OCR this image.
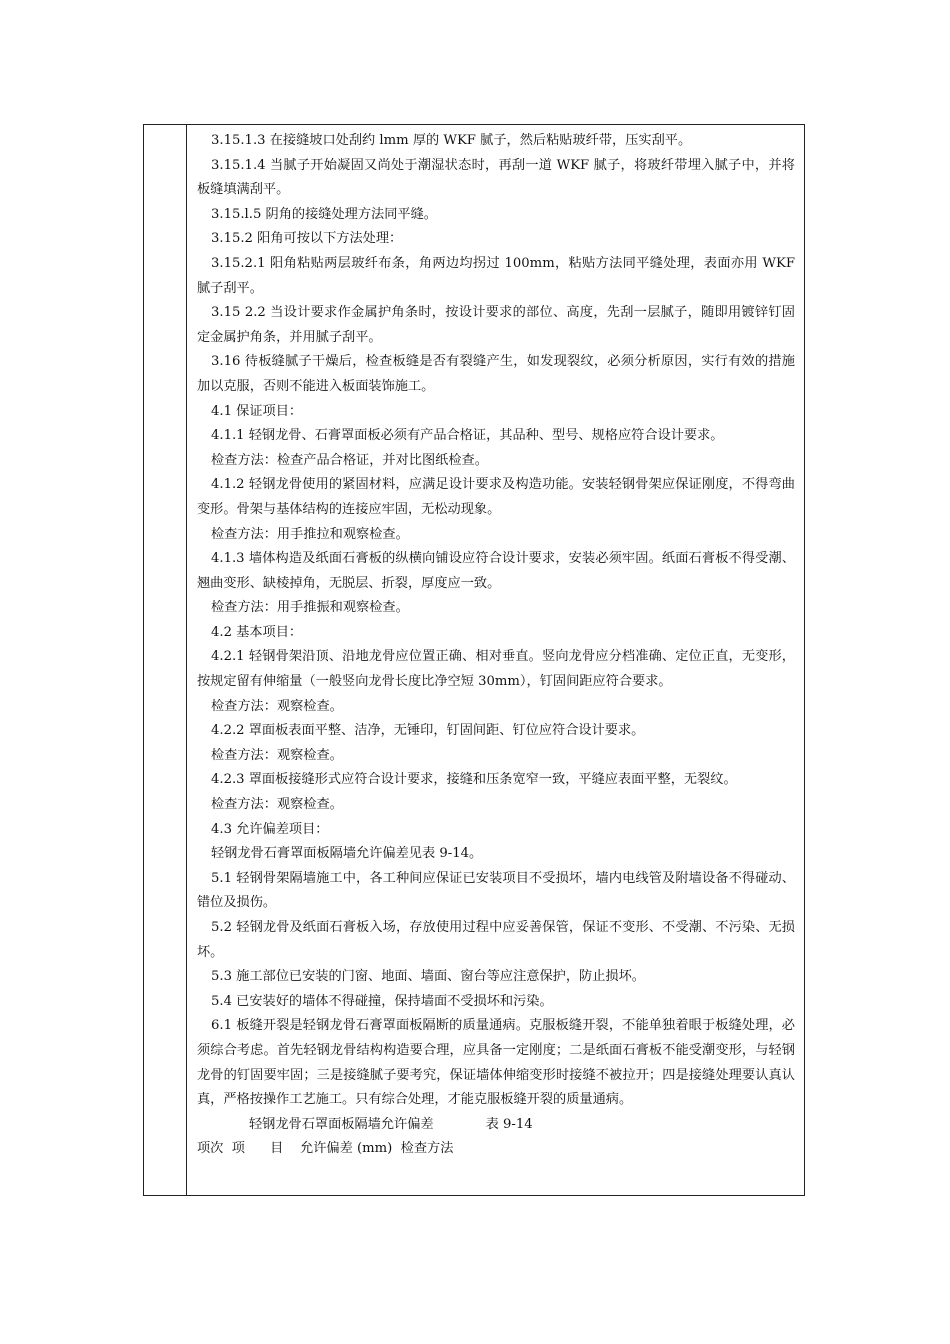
3.15.1.3 在接缝坡口处刮约 lmm 厚的 WKF 腻子，然后粘贴玻纤带，压实刮平。

3.15.1.4 当腻子开始凝固又尚处于潮湿状态时，再刮一道 WKF 腻子，将玻纤带埋入腻子中，并将板缝填满刮平。

3.15.l.5 阴角的接缝处理方法同平缝。

3.15.2 阳角可按以下方法处理：

3.15.2.1 阳角粘贴两层玻纤布条，角两边均拐过 100mm，粘贴方法同平缝处理，表面亦用 WKF 腻子刮平。

3.15 2.2 当设计要求作金属护角条时，按设计要求的部位、高度，先刮一层腻子，随即用镀锌钉固定金属护角条，并用腻子刮平。

3.16 待板缝腻子干燥后，检查板缝是否有裂缝产生，如发现裂纹，必须分析原因，实行有效的措施加以克服，否则不能进入板面装饰施工。

4.1 保证项目：

4.1.1 轻钢龙骨、石膏罩面板必须有产品合格证，其品种、型号、规格应符合设计要求。

检查方法：检查产品合格证，并对比图纸检查。

4.1.2 轻钢龙骨使用的紧固材料，应满足设计要求及构造功能。安装轻钢骨架应保证刚度，不得弯曲变形。骨架与基体结构的连接应牢固，无松动现象。

检查方法：用手推拉和观察检查。

4.1.3 墙体构造及纸面石膏板的纵横向铺设应符合设计要求，安装必须牢固。纸面石膏板不得受潮、翘曲变形、缺棱掉角，无脱层、折裂，厚度应一致。

检查方法：用手推振和观察检查。

4.2 基本项目：

4.2.1 轻钢骨架沿顶、沿地龙骨应位置正确、相对垂直。竖向龙骨应分档准确、定位正直，无变形，按规定留有伸缩量（一般竖向龙骨长度比净空短 30mm），钉固间距应符合要求。

检查方法：观察检查。

4.2.2 罩面板表面平整、洁净，无锤印，钉固间距、钉位应符合设计要求。

检查方法：观察检查。

4.2.3 罩面板接缝形式应符合设计要求，接缝和压条宽窄一致，平缝应表面平整，无裂纹。

检查方法：观察检查。

4.3 允许偏差项目：

轻钢龙骨石膏罩面板隔墙允许偏差见表 9-14。

5.1 轻钢骨架隔墙施工中，各工种间应保证已安装项目不受损坏，墙内电线管及附墙设备不得碰动、错位及损伤。

5.2 轻钢龙骨及纸面石膏板入场，存放使用过程中应妥善保管，保证不变形、不受潮、不污染、无损坏。

5.3 施工部位已安装的门窗、地面、墙面、窗台等应注意保护，防止损坏。

5.4 已安装好的墙体不得碰撞，保持墙面不受损坏和污染。

6.1 板缝开裂是轻钢龙骨石膏罩面板隔断的质量通病。克服板缝开裂，不能单独着眼于板缝处理，必须综合考虑。首先轻钢龙骨结构构造要合理，应具备一定刚度；二是纸面石膏板不能受潮变形，与轻钢龙骨的钉固要牢固；三是接缝腻子要考究，保证墙体伸缩变形时接缝不被拉开；四是接缝处理要认真认真，严格按操作工艺施工。只有综合处理，才能克服板缝开裂的质量通病。

轻钢龙骨石罩面板隔墙允许偏差	表 9-14

项次  项      目    允许偏差 (mm)  检查方法
